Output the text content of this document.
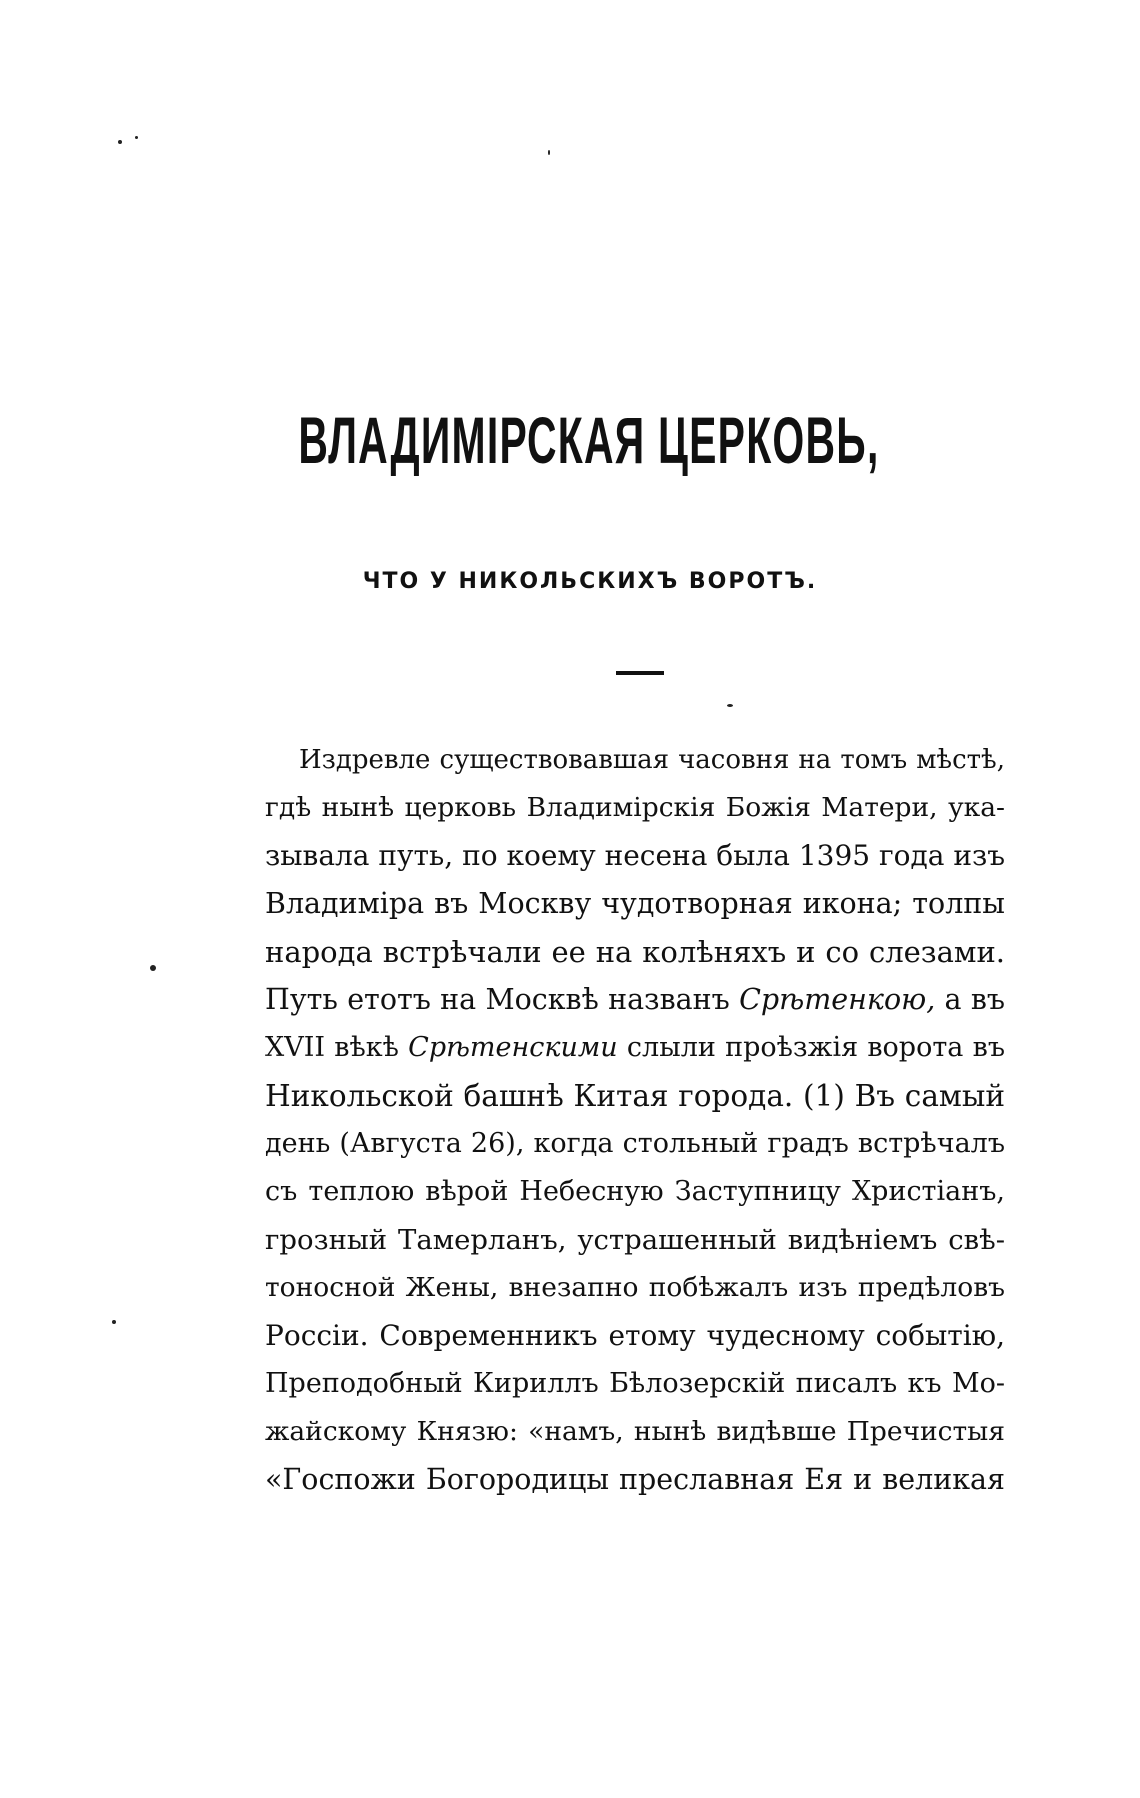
ВЛАДИМІРСКАЯ ЦЕРКОВЬ,
ЧТО У НИКОЛЬСКИХЪ ВОРОТЪ.
Издревле существовавшая часовня на томъ мѣстѣ,
гдѣ нынѣ церковь Владимірскія Божія Матери, ука-
зывала путь, по коему несена была 1395 года изъ
Владиміра въ Москву чудотворная икона; толпы
народа встрѣчали ее на колѣняхъ и со слезами.
Путь етотъ на Москвѣ названъ Срѣтенкою, а въ
XVII вѣкѣ Срѣтенскими слыли проѣзжія ворота въ
Никольской башнѣ Китая города. (1) Въ самый
день (Августа 26), когда стольный градъ встрѣчалъ
съ теплою вѣрой Небесную Заступницу Христіанъ,
грозный Тамерланъ, устрашенный видѣніемъ свѣ-
тоносной Жены, внезапно побѣжалъ изъ предѣловъ
Россіи. Современникъ етому чудесному событію,
Преподобный Кириллъ Бѣлозерскій писалъ къ Мо-
жайскому Князю: «намъ, нынѣ видѣвше Пречистыя
«Госпожи Богородицы преславная Ея и великая
